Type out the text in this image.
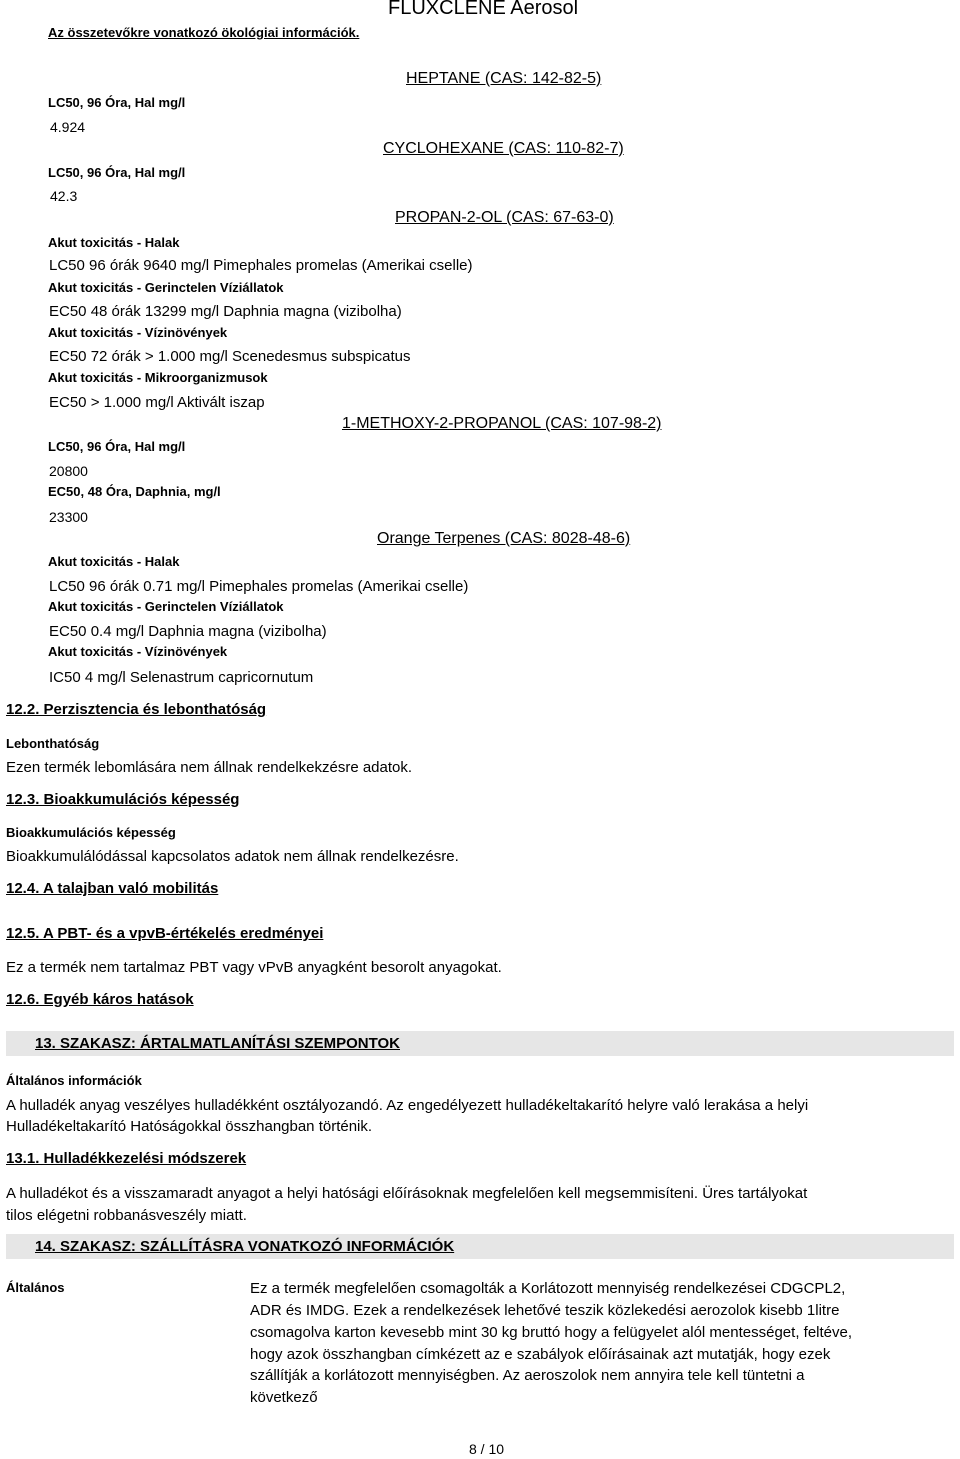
Az összetevőkre vonatkozó ökológiai információk.
FLUXCLENE Aerosol
HEPTANE (CAS: 142-82-5)
LC50, 96 Óra, Hal mg/l
4.924
CYCLOHEXANE (CAS: 110-82-7)
LC50, 96 Óra, Hal mg/l
42.3
PROPAN-2-OL (CAS: 67-63-0)
Akut toxicitás - Halak
LC50 96 órák 9640 mg/l Pimephales promelas (Amerikai cselle)
Akut toxicitás - Gerinctelen Víziállatok
EC50 48 órák 13299 mg/l Daphnia magna (vizibolha)
Akut toxicitás - Vízinövények
EC50 72 órák > 1.000 mg/l Scenedesmus subspicatus
Akut toxicitás - Mikroorganizmusok
EC50 > 1.000 mg/l Aktivált iszap
1-METHOXY-2-PROPANOL (CAS: 107-98-2)
LC50, 96 Óra, Hal mg/l
20800
EC50, 48 Óra, Daphnia, mg/l
23300
Orange Terpenes (CAS: 8028-48-6)
Akut toxicitás - Halak
LC50 96 órák 0.71 mg/l Pimephales promelas (Amerikai cselle)
Akut toxicitás - Gerinctelen Víziállatok
EC50 0.4 mg/l Daphnia magna (vizibolha)
Akut toxicitás - Vízinövények
IC50 4 mg/l Selenastrum capricornutum
12.2. Perzisztencia és lebonthatóság
Lebonthatóság
Ezen termék lebomlására nem állnak rendelkekzésre adatok.
12.3. Bioakkumulációs képesség
Bioakkumulációs képesség
Bioakkumulálódással kapcsolatos adatok nem állnak rendelkezésre.
12.4. A talajban való mobilitás
12.5. A PBT- és a vpvB-értékelés eredményei
Ez a termék nem tartalmaz PBT vagy vPvB anyagként besorolt anyagokat.
12.6. Egyéb káros hatások
13. SZAKASZ: ÁRTALMATLANÍTÁSI SZEMPONTOK
Általános információk
A hulladék anyag veszélyes hulladékként osztályozandó. Az engedélyezett hulladékeltakarító helyre való lerakása a helyi
Hulladékeltakarító Hatóságokkal összhangban történik.
13.1. Hulladékkezelési módszerek
A hulladékot és a visszamaradt anyagot a helyi hatósági előírásoknak megfelelően kell megsemmisíteni. Üres tartályokat
tilos elégetni robbanásveszély miatt.
14. SZAKASZ: SZÁLLÍTÁSRA VONATKOZÓ INFORMÁCIÓK
Általános	Ez a termék megfelelően csomagolták a Korlátozott mennyiség rendelkezései CDGCPL2,
ADR és IMDG. Ezek a rendelkezések lehetővé teszik közlekedési aerozolok kisebb 1litre
csomagolva karton kevesebb mint 30 kg bruttó hogy a felügyelet alól mentességet, feltéve,
hogy azok összhangban címkézett az e szabályok előírásainak azt mutatják, hogy ezek
szállítják a korlátozott mennyiségben. Az aeroszolok nem annyira tele kell tüntetni a
következő
8 / 10
